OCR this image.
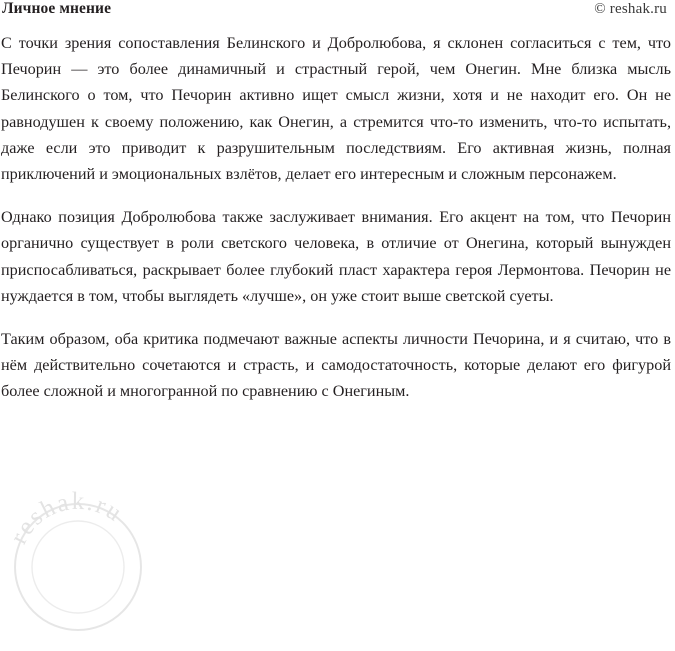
Личное мнение	© reshak.ru

С точки зрения сопоставления Белинского и Добролюбова, я склонен согласиться с тем, что Печорин — это более динамичный и страстный герой, чем Онегин. Мне близка мысль Белинского о том, что Печорин активно ищет смысл жизни, хотя и не находит его. Он не равнодушен к своему положению, как Онегин, а стремится что-то изменить, что-то испытать, даже если это приводит к разрушительным последствиям. Его активная жизнь, полная приключений и эмоциональных взлётов, делает его интересным и сложным персонажем.

Однако позиция Добролюбова также заслуживает внимания. Его акцент на том, что Печорин органично существует в роли светского человека, в отличие от Онегина, который вынужден приспосабливаться, раскрывает более глубокий пласт характера героя Лермонтова. Печорин не нуждается в том, чтобы выглядеть «лучше», он уже стоит выше светской суеты.

Таким образом, оба критика подмечают важные аспекты личности Печорина, и я считаю, что в нём действительно сочетаются и страсть, и самодостаточность, которые делают его фигурой более сложной и многогранной по сравнению с Онегиным.

reshak.ru
